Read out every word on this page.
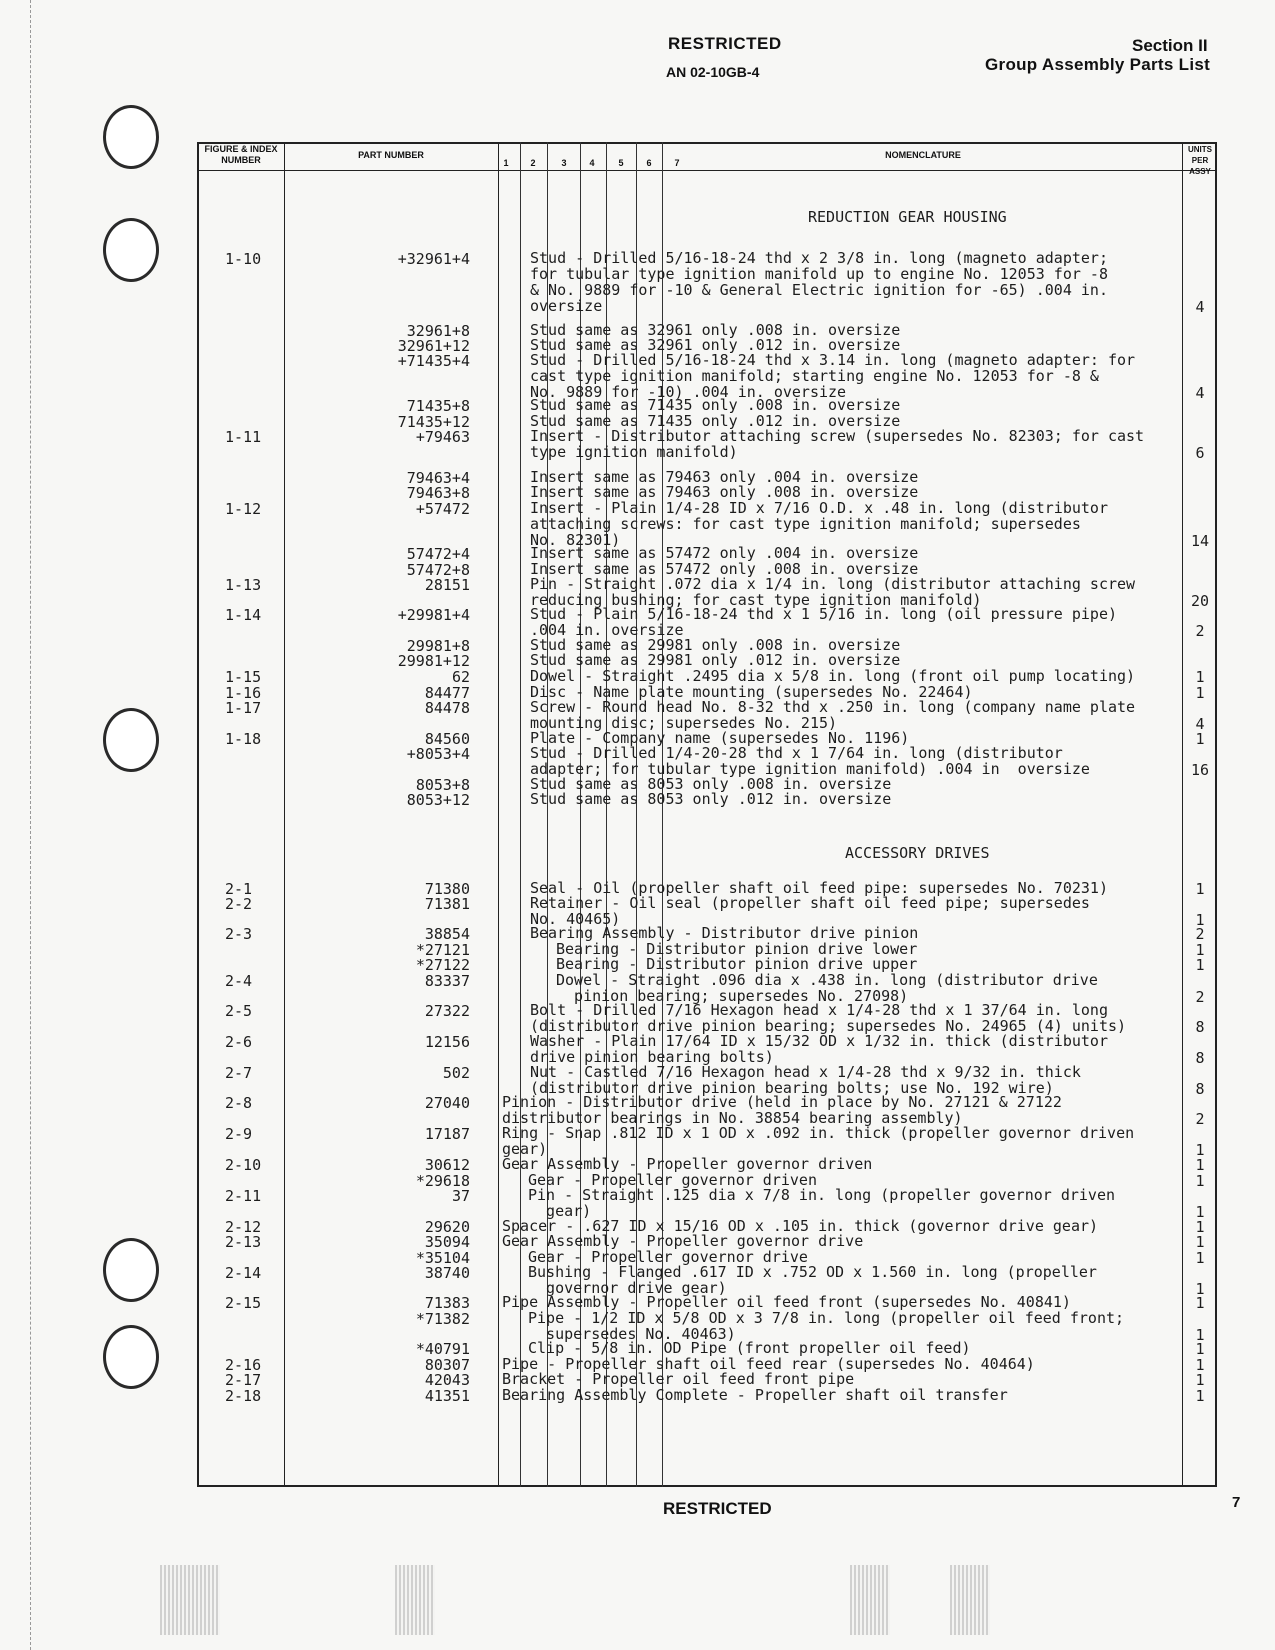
RESTRICTED
AN 02-10GB-4
Section II
Group Assembly Parts List
FIGURE & INDEX NUMBER	PART NUMBER
1	2	3	4	5	6	7
NOMENCLATURE
UNITS PER ASSY
REDUCTION GEAR HOUSING
ACCESSORY DRIVES
1-10	+32961+4	Stud - Drilled 5/16-18-24 thd x 2 3/8 in. long (magneto adapter;
for tubular type ignition manifold up to engine No. 12053 for -8
& No. 9889 for -10 & General Electric ignition for -65) .004 in.
oversize	4
32961+8	Stud same as 32961 only .008 in. oversize
32961+12	Stud same as 32961 only .012 in. oversize
+71435+4	Stud - Drilled 5/16-18-24 thd x 3.14 in. long (magneto adapter: for
cast type ignition manifold; starting engine No. 12053 for -8 &
No. 9889 for -10) .004 in. oversize	4
71435+8	Stud same as 71435 only .008 in. oversize
71435+12	Stud same as 71435 only .012 in. oversize
1-11	+79463	Insert - Distributor attaching screw (supersedes No. 82303; for cast
type ignition manifold)	6
79463+4	Insert same as 79463 only .004 in. oversize
79463+8	Insert same as 79463 only .008 in. oversize
1-12	+57472	Insert - Plain 1/4-28 ID x 7/16 O.D. x .48 in. long (distributor
attaching screws: for cast type ignition manifold; supersedes
No. 82301)	14
57472+4	Insert same as 57472 only .004 in. oversize
57472+8	Insert same as 57472 only .008 in. oversize
1-13	28151	Pin - Straight .072 dia x 1/4 in. long (distributor attaching screw
reducing bushing; for cast type ignition manifold)	20
1-14	+29981+4	Stud - Plain 5/16-18-24 thd x 1 5/16 in. long (oil pressure pipe)
.004 in. oversize	2
29981+8	Stud same as 29981 only .008 in. oversize
29981+12	Stud same as 29981 only .012 in. oversize
1-15	62	Dowel - Straight .2495 dia x 5/8 in. long (front oil pump locating)	1
1-16	84477	Disc - Name plate mounting (supersedes No. 22464)	1
1-17	84478	Screw - Round head No. 8-32 thd x .250 in. long (company name plate
mounting disc; supersedes No. 215)	4
1-18	84560	Plate - Company name (supersedes No. 1196)	1
+8053+4	Stud - Drilled 1/4-20-28 thd x 1 7/64 in. long (distributor
adapter; for tubular type ignition manifold) .004 in  oversize	16
8053+8	Stud same as 8053 only .008 in. oversize
8053+12	Stud same as 8053 only .012 in. oversize
2-1	71380	Seal - Oil (propeller shaft oil feed pipe: supersedes No. 70231)	1
2-2	71381	Retainer - Oil seal (propeller shaft oil feed pipe; supersedes
No. 40465)	1
2-3	38854	Bearing Assembly - Distributor drive pinion	2
*27121	Bearing - Distributor pinion drive lower	1
*27122	Bearing - Distributor pinion drive upper	1
2-4	83337	Dowel - Straight .096 dia x .438 in. long (distributor drive
pinion bearing; supersedes No. 27098)	2
2-5	27322	Bolt - Drilled 7/16 Hexagon head x 1/4-28 thd x 1 37/64 in. long
(distributor drive pinion bearing; supersedes No. 24965 (4) units)	8
2-6	12156	Washer - Plain 17/64 ID x 15/32 OD x 1/32 in. thick (distributor
drive pinion bearing bolts)	8
2-7	502	Nut - Castled 7/16 Hexagon head x 1/4-28 thd x 9/32 in. thick
(distributor drive pinion bearing bolts; use No. 192 wire)	8
2-8	27040 Pinion - Distributor drive (held in place by No. 27121 & 27122
distributor bearings in No. 38854 bearing assembly)	2
2-9	17187 Ring - Snap .812 ID x 1 OD x .092 in. thick (propeller governor driven
gear)	1
2-10	30612 Gear Assembly - Propeller governor driven	1
*29618	Gear - Propeller governor driven	1
2-11	37	Pin - Straight .125 dia x 7/8 in. long (propeller governor driven
gear)	1
2-12	29620 Spacer - .627 ID x 15/16 OD x .105 in. thick (governor drive gear)	1
2-13	35094 Gear Assembly - Propeller governor drive	1
*35104	Gear - Propeller governor drive	1
2-14	38740	Bushing - Flanged .617 ID x .752 OD x 1.560 in. long (propeller
governor drive gear)	1
2-15	71383 Pipe Assembly - Propeller oil feed front (supersedes No. 40841)	1
*71382	Pipe - 1/2 ID x 5/8 OD x 3 7/8 in. long (propeller oil feed front;
supersedes No. 40463)	1
*40791	Clip - 5/8 in. OD Pipe (front propeller oil feed)	1
2-16	80307 Pipe - Propeller shaft oil feed rear (supersedes No. 40464)	1
2-17	42043 Bracket - Propeller oil feed front pipe	1
2-18	41351 Bearing Assembly Complete - Propeller shaft oil transfer	1
RESTRICTED	7
